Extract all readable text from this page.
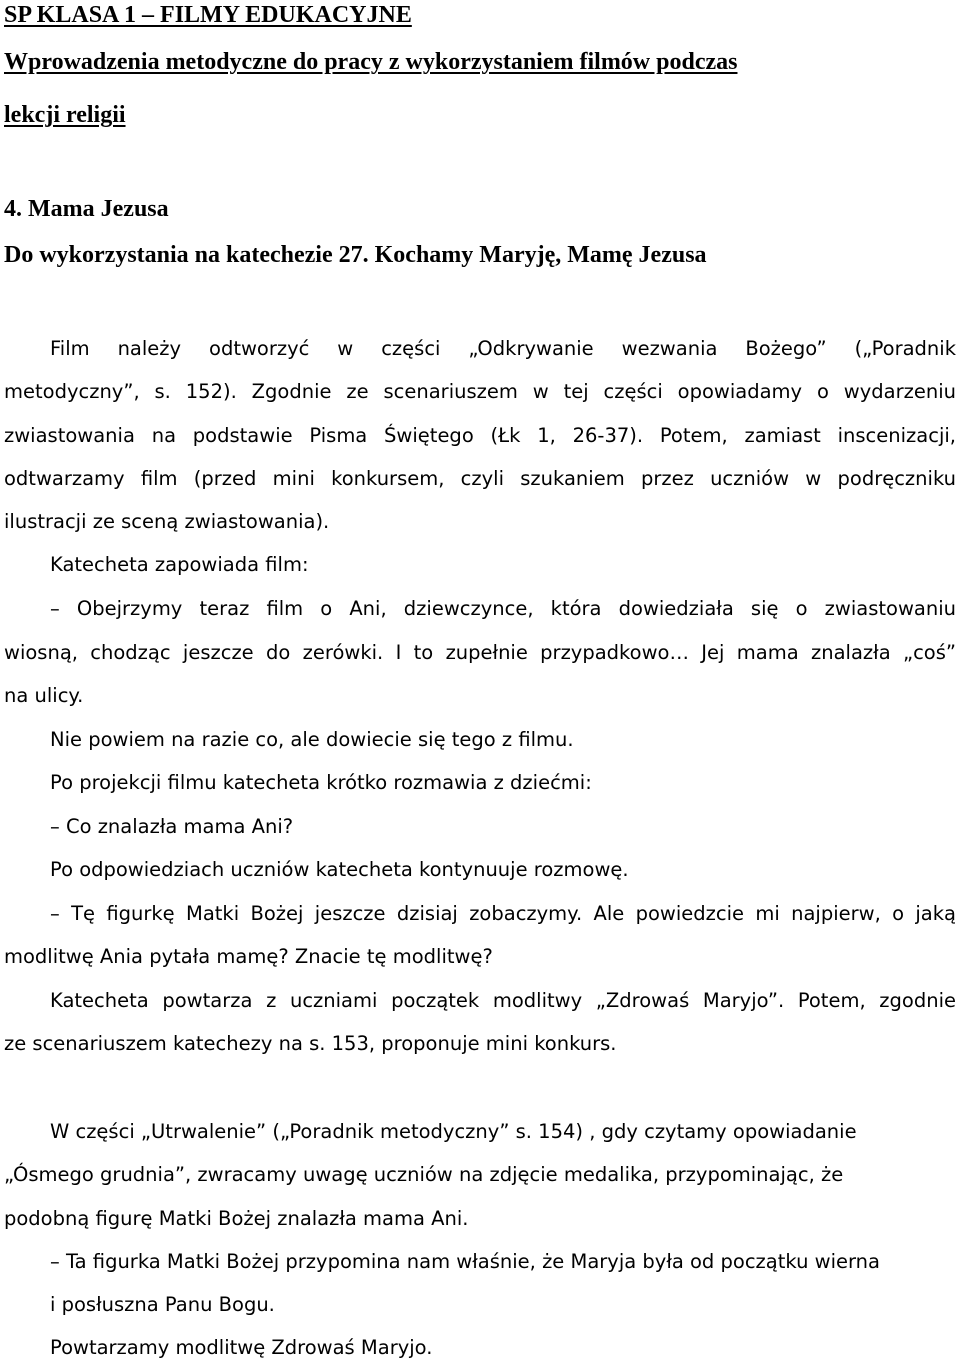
SP KLASA 1 – FILMY EDUKACYJNE
Wprowadzenia metodyczne do pracy z wykorzystaniem filmów podczas
lekcji religii
4. Mama Jezusa
Do wykorzystania na katechezie 27. Kochamy Maryję, Mamę Jezusa
Film należy odtworzyć w części „Odkrywanie wezwania Bożego” („Poradnik
metodyczny”, s. 152). Zgodnie ze scenariuszem w tej części opowiadamy o wydarzeniu
zwiastowania na podstawie Pisma Świętego (Łk 1, 26-37). Potem, zamiast inscenizacji,
odtwarzamy film (przed mini konkursem, czyli szukaniem przez uczniów w podręczniku
ilustracji ze sceną zwiastowania).
Katecheta zapowiada film:
– Obejrzymy teraz film o Ani, dziewczynce, która dowiedziała się o zwiastowaniu
wiosną, chodząc jeszcze do zerówki. I to zupełnie przypadkowo… Jej mama znalazła „coś”
na ulicy.
Nie powiem na razie co, ale dowiecie się tego z filmu.
Po projekcji filmu katecheta krótko rozmawia z dziećmi:
– Co znalazła mama Ani?
Po odpowiedziach uczniów katecheta kontynuuje rozmowę.
– Tę figurkę Matki Bożej jeszcze dzisiaj zobaczymy. Ale powiedzcie mi najpierw, o jaką
modlitwę Ania pytała mamę? Znacie tę modlitwę?
Katecheta powtarza z uczniami początek modlitwy „Zdrowaś Maryjo”. Potem, zgodnie
ze scenariuszem katechezy na s. 153, proponuje mini konkurs.
W części „Utrwalenie” („Poradnik metodyczny” s. 154) , gdy czytamy opowiadanie
„Ósmego grudnia”, zwracamy uwagę uczniów na zdjęcie medalika, przypominając, że
podobną figurę Matki Bożej znalazła mama Ani.
– Ta figurka Matki Bożej przypomina nam właśnie, że Maryja była od początku wierna
i posłuszna Panu Bogu.
Powtarzamy modlitwę Zdrowaś Maryjo.
